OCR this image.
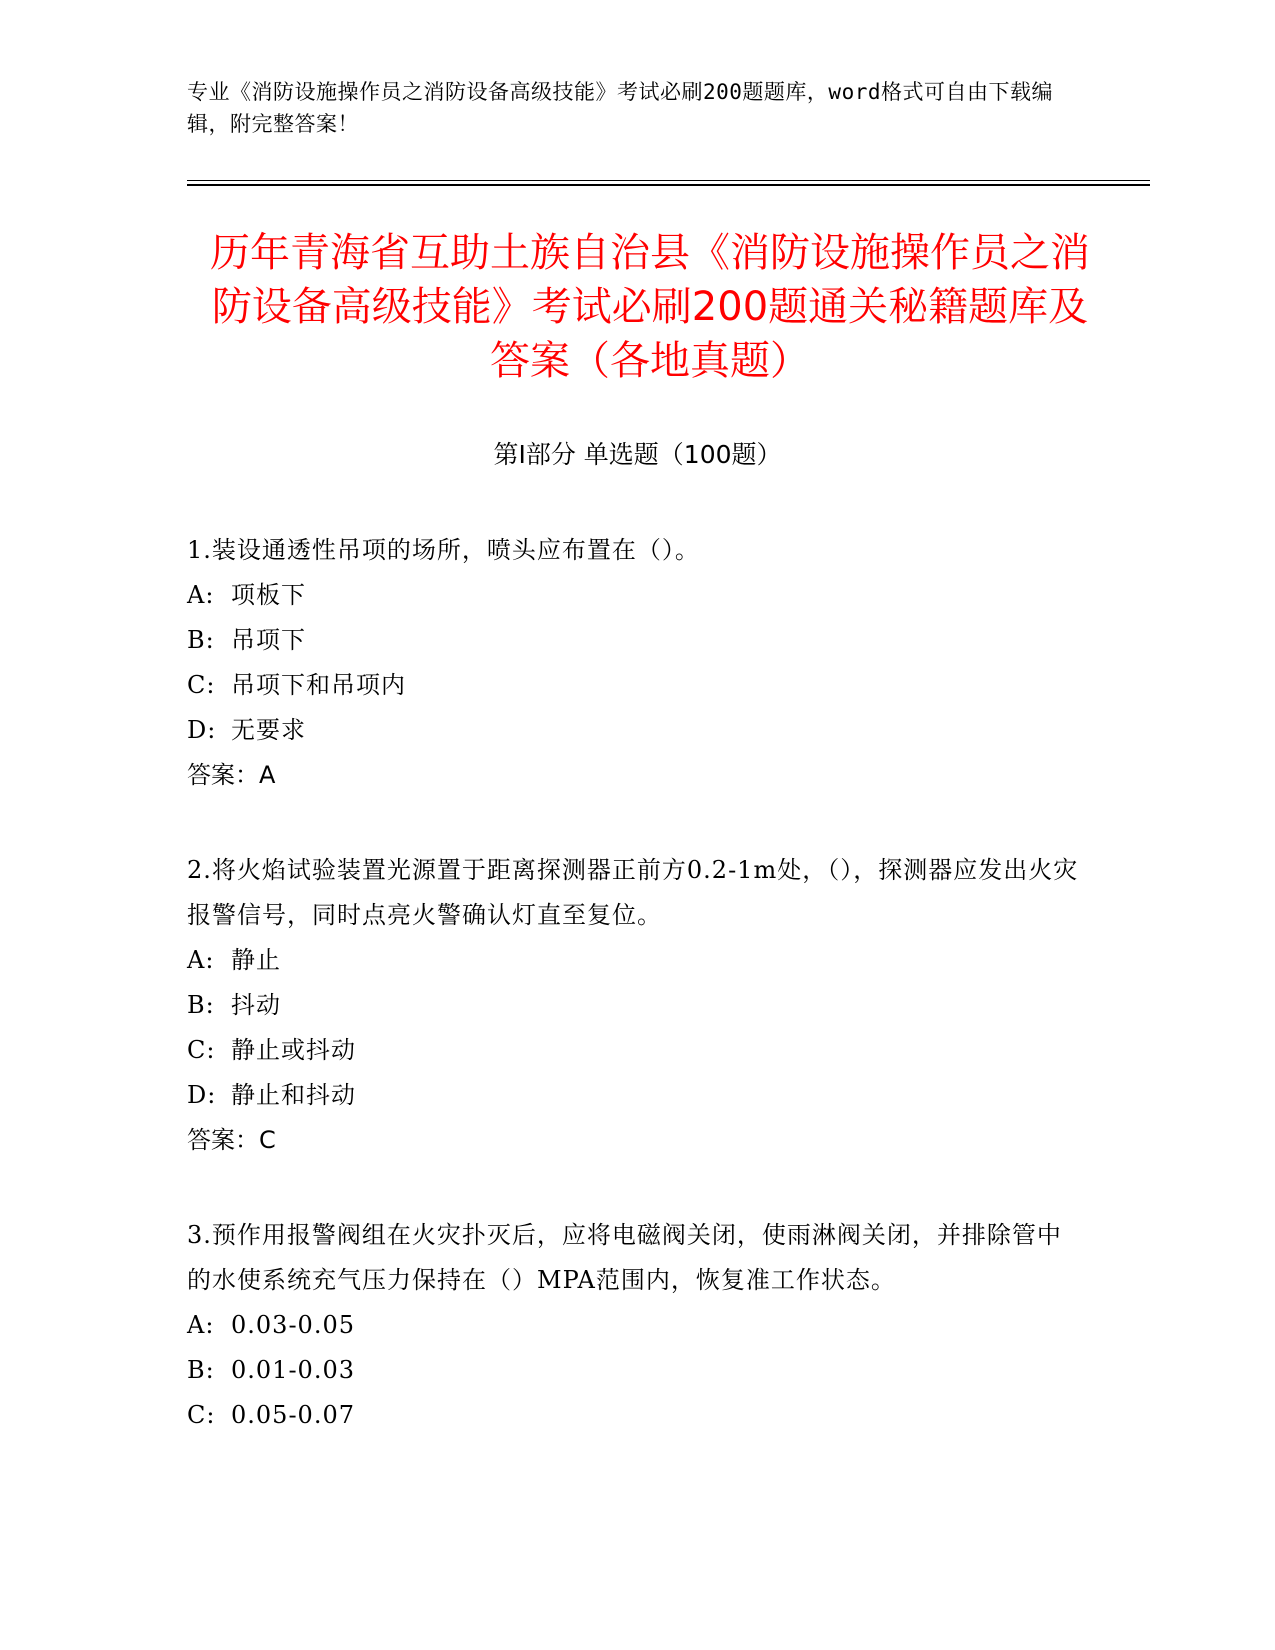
专业《消防设施操作员之消防设备高级技能》考试必刷200题题库，word格式可自由下载编辑，附完整答案！
历年青海省互助土族自治县《消防设施操作员之消防设备高级技能》考试必刷200题通关秘籍题库及答案（各地真题）
第Ⅰ部分 单选题（100题）
1.装设通透性吊项的场所，喷头应布置在（）。
A: 项板下
B: 吊项下
C: 吊项下和吊项内
D: 无要求
答案：A
2.将火焰试验装置光源置于距离探测器正前方0.2-1m处，（），探测器应发出火灾报警信号，同时点亮火警确认灯直至复位。
A: 静止
B: 抖动
C: 静止或抖动
D: 静止和抖动
答案：C
3.预作用报警阀组在火灾扑灭后，应将电磁阀关闭，使雨淋阀关闭，并排除管中的水使系统充气压力保持在（）MPA范围内，恢复准工作状态。
A: 0.03-0.05
B: 0.01-0.03
C: 0.05-0.07
